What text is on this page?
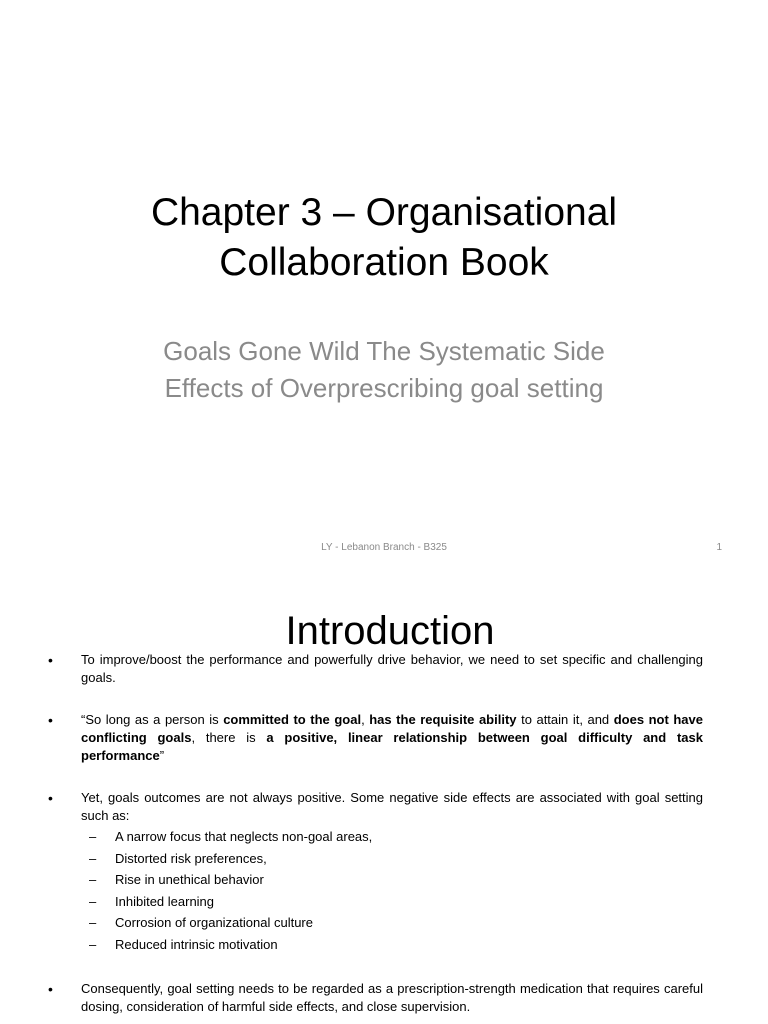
Chapter 3 – Organisational
Collaboration Book
Goals Gone Wild The Systematic Side
Effects of Overprescribing goal setting
LY - Lebanon Branch - B325	1
Introduction
• To improve/boost the performance and powerfully drive behavior, we need to set specific and challenging goals.
• “So long as a person is committed to the goal, has the requisite ability to attain it, and does not have conflicting goals, there is a positive, linear relationship between goal difficulty and task performance”
• Yet, goals outcomes are not always positive. Some negative side effects are associated with goal setting such as:
– A narrow focus that neglects non-goal areas,
– Distorted risk preferences,
– Rise in unethical behavior
– Inhibited learning
– Corrosion of organizational culture
– Reduced intrinsic motivation
• Consequently, goal setting needs to be regarded as a prescription-strength medication that requires careful dosing, consideration of harmful side effects, and close supervision.
